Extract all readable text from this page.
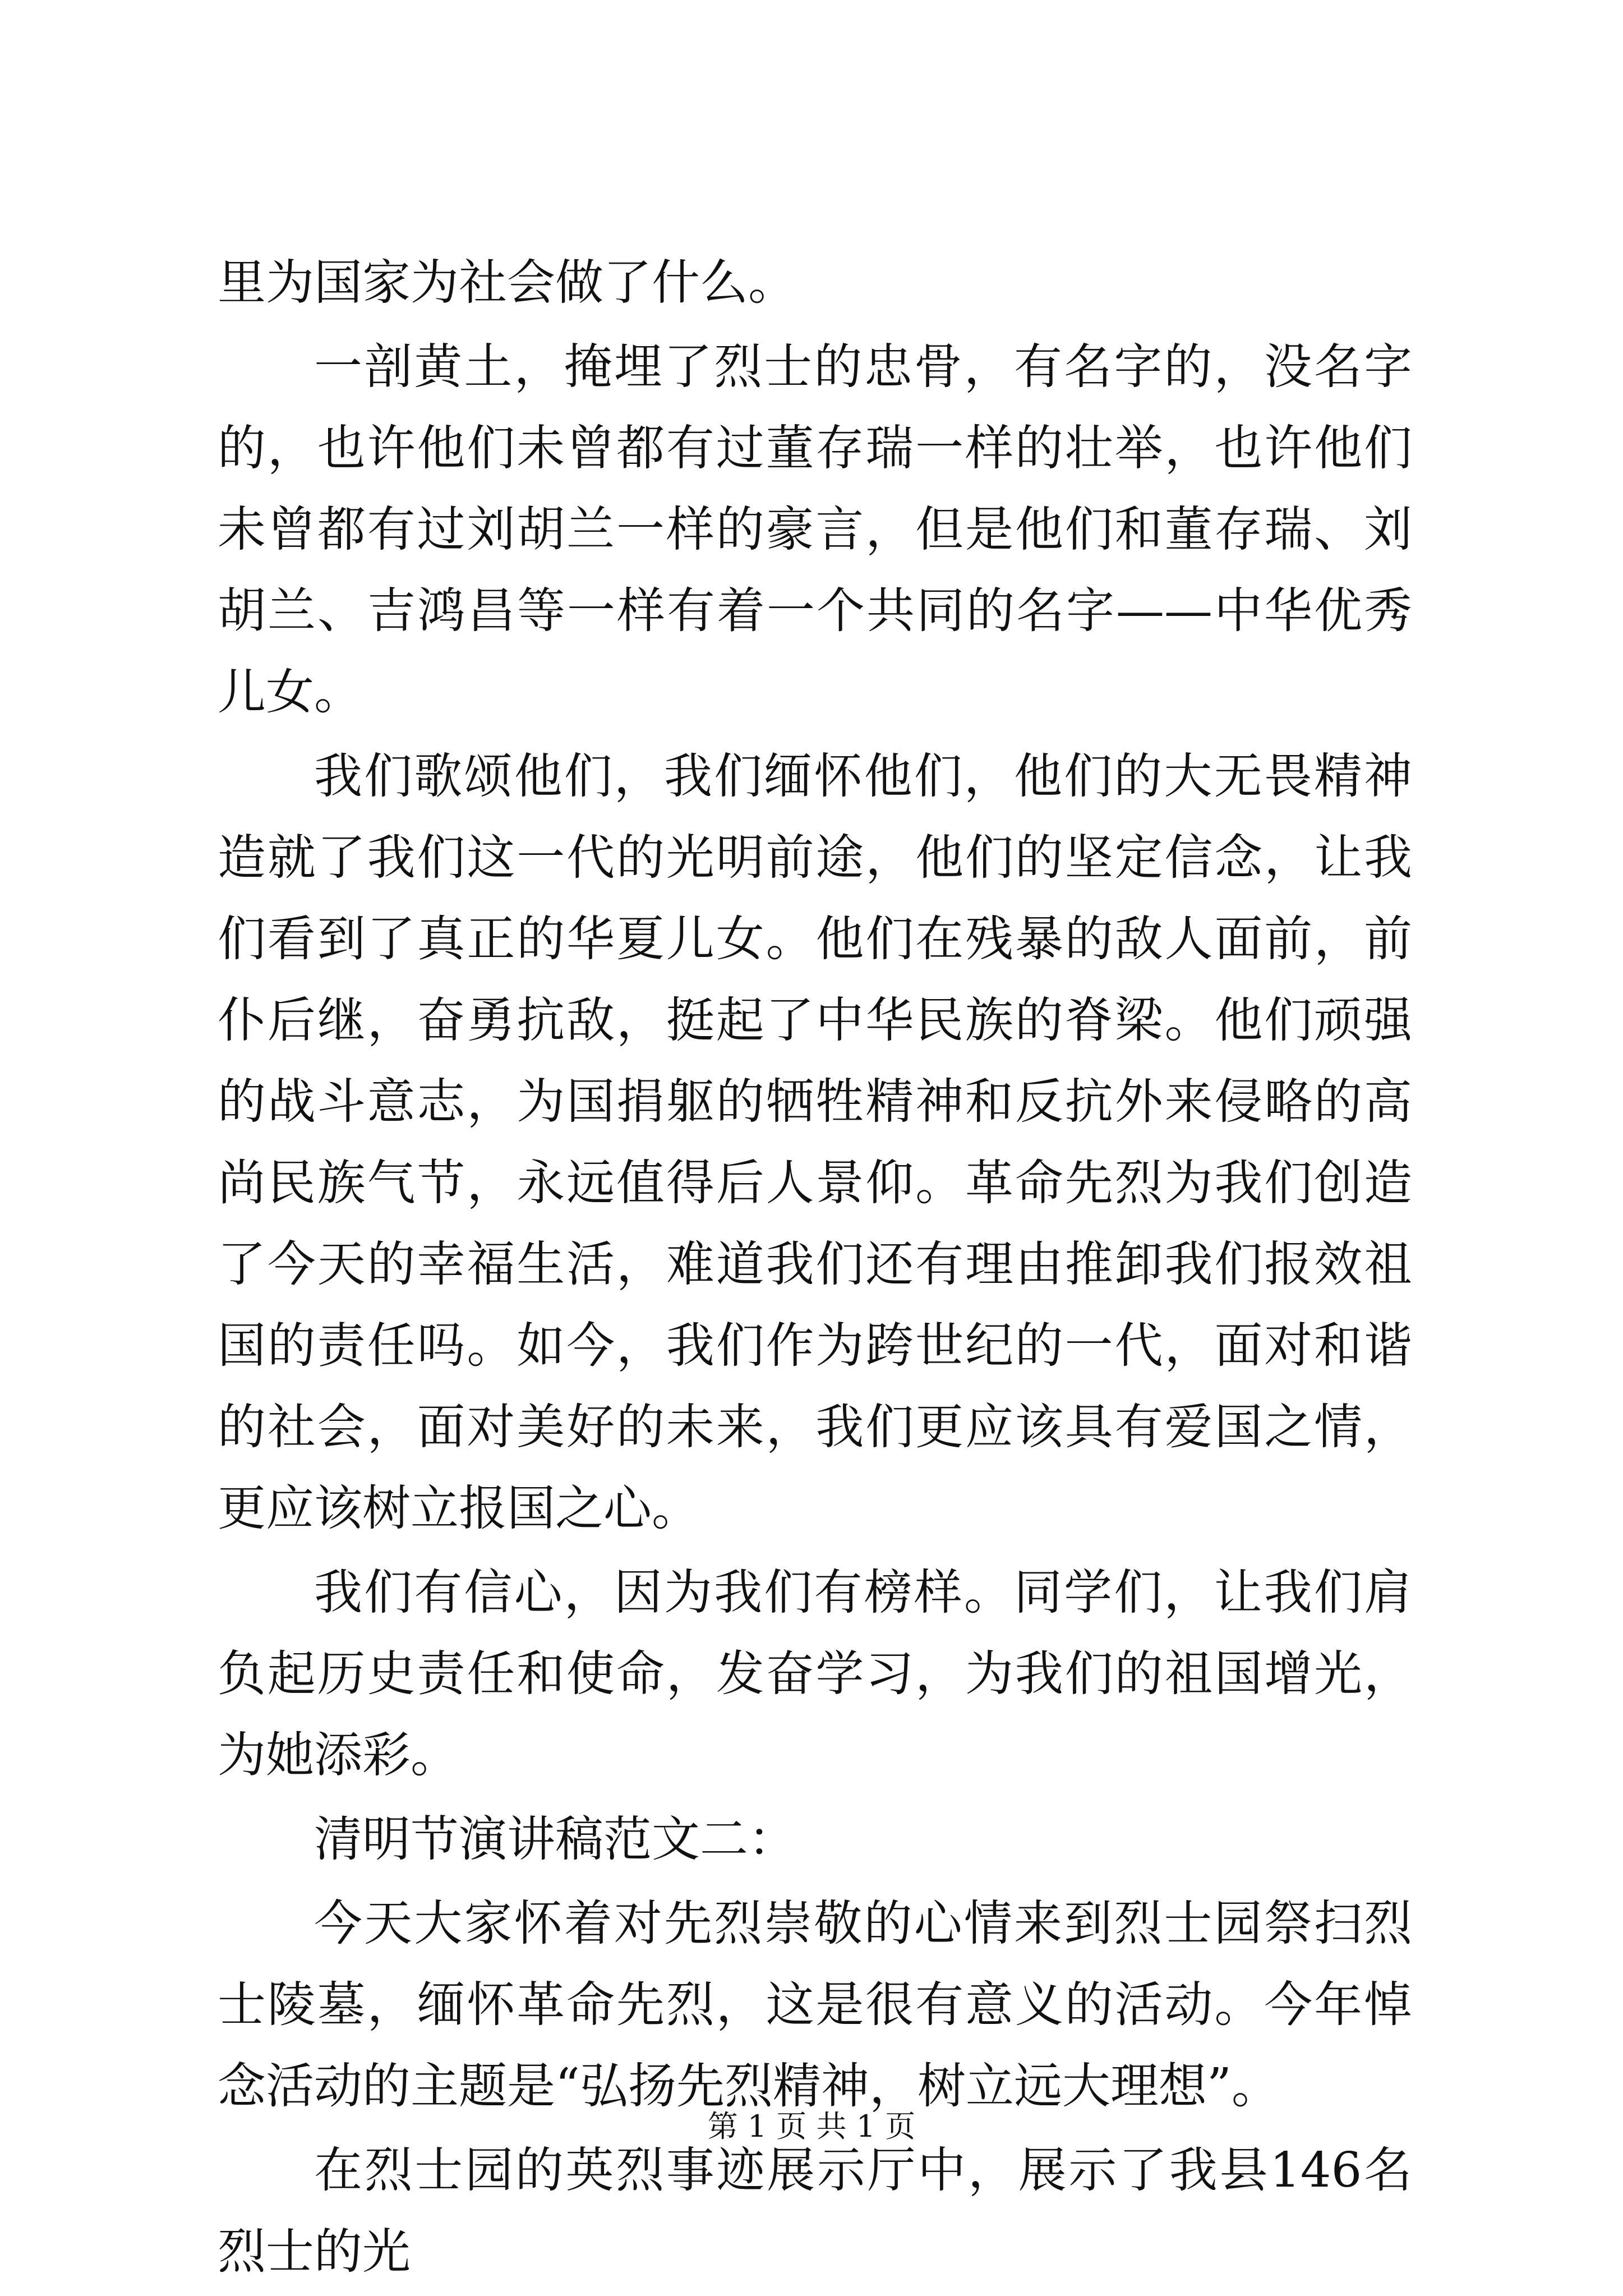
里为国家为社会做了什么。

一剖黄土，掩埋了烈士的忠骨，有名字的，没名字的，也许他们未曾都有过董存瑞一样的壮举，也许他们未曾都有过刘胡兰一样的豪言，但是他们和董存瑞、刘胡兰、吉鸿昌等一样有着一个共同的名字——中华优秀儿女。

我们歌颂他们，我们缅怀他们，他们的大无畏精神造就了我们这一代的光明前途，他们的坚定信念，让我们看到了真正的华夏儿女。他们在残暴的敌人面前，前仆后继，奋勇抗敌，挺起了中华民族的脊梁。他们顽强的战斗意志，为国捐躯的牺牲精神和反抗外来侵略的高尚民族气节，永远值得后人景仰。革命先烈为我们创造了今天的幸福生活，难道我们还有理由推卸我们报效祖国的责任吗。如今，我们作为跨世纪的一代，面对和谐的社会，面对美好的未来，我们更应该具有爱国之情，更应该树立报国之心。

我们有信心，因为我们有榜样。同学们，让我们肩负起历史责任和使命，发奋学习，为我们的祖国增光，为她添彩。

清明节演讲稿范文二：

今天大家怀着对先烈崇敬的心情来到烈士园祭扫烈士陵墓，缅怀革命先烈，这是很有意义的活动。今年悼念活动的主题是“弘扬先烈精神，树立远大理想”。

在烈士园的英烈事迹展示厅中，展示了我县146名烈士的光

第 1 页 共 1 页
